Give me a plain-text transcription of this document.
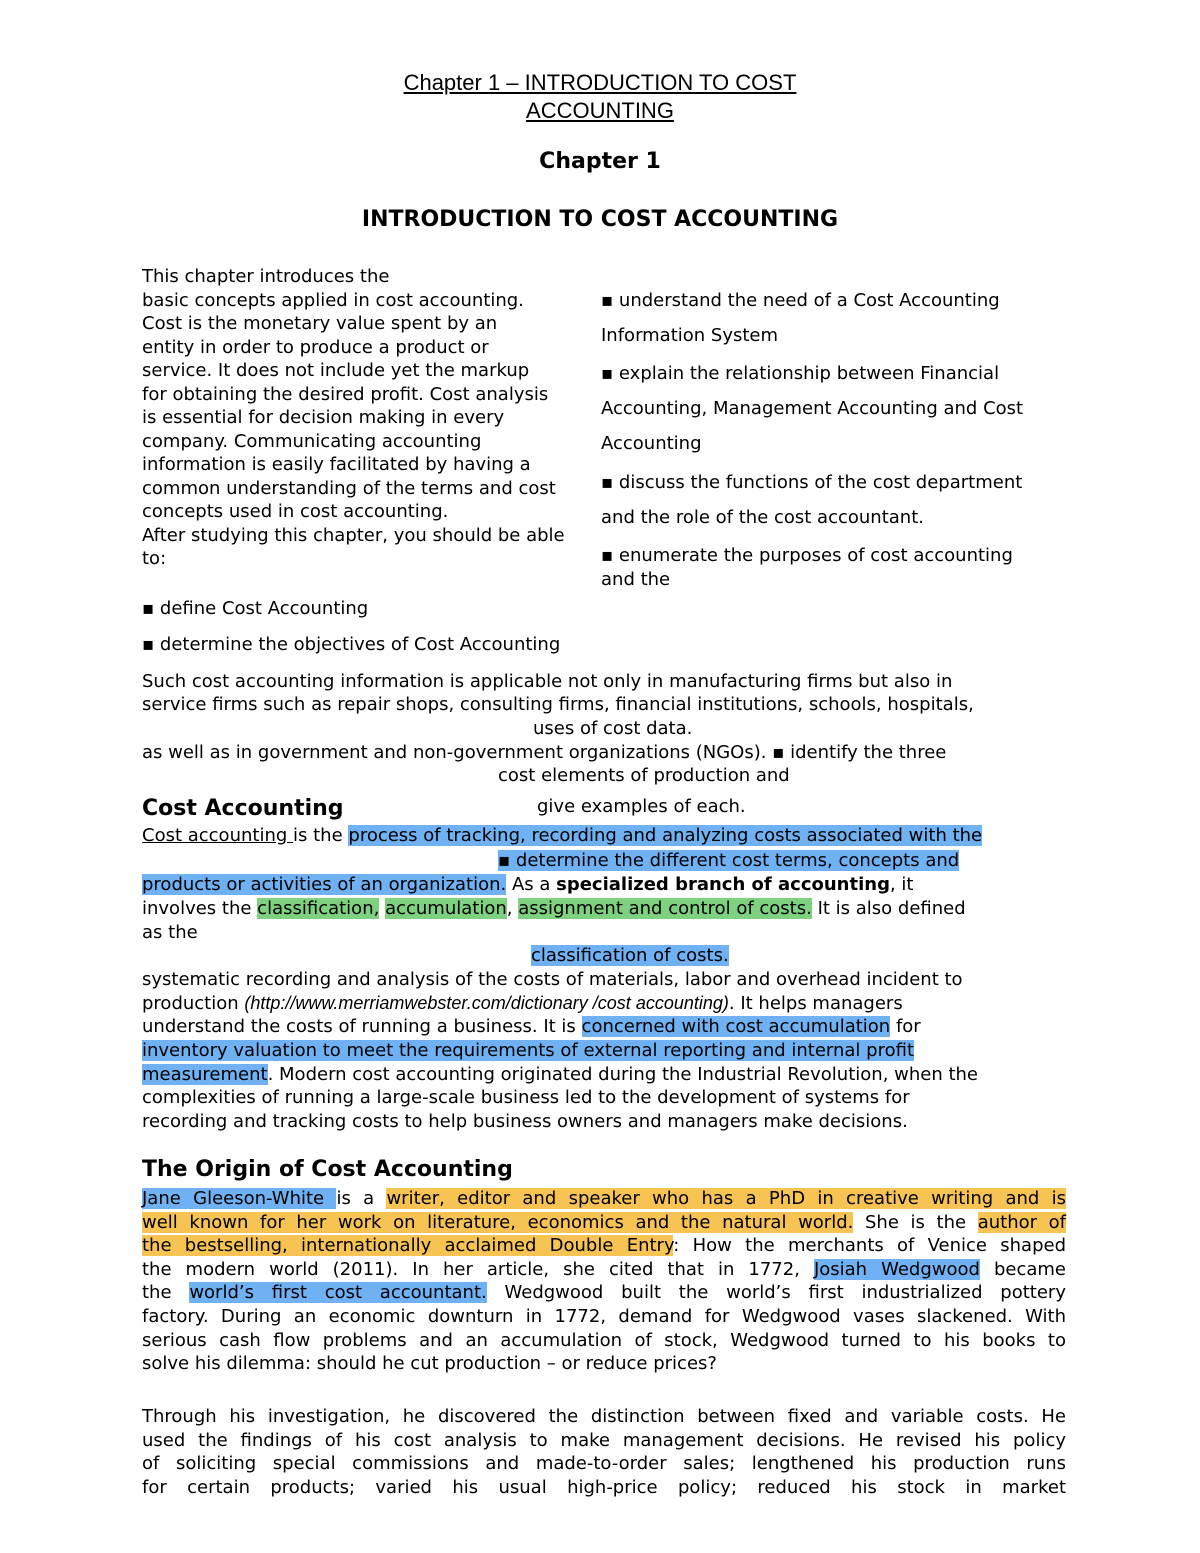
Chapter 1 – INTRODUCTION TO COST
ACCOUNTING
Chapter 1
INTRODUCTION TO COST ACCOUNTING
This chapter introduces the
basic concepts applied in cost accounting.
Cost is the monetary value spent by an
entity in order to produce a product or
service. It does not include yet the markup
for obtaining the desired profit. Cost analysis
is essential for decision making in every
company. Communicating accounting
information is easily facilitated by having a
common understanding of the terms and cost
concepts used in cost accounting.
After studying this chapter, you should be able
to:
▪ define Cost Accounting
▪ determine the objectives of Cost Accounting
▪ understand the need of a Cost Accounting
Information System
▪ explain the relationship between Financial
Accounting, Management Accounting and Cost
Accounting
▪ discuss the functions of the cost department
and the role of the cost accountant.
▪ enumerate the purposes of cost accounting
and the
Such cost accounting information is applicable not only in manufacturing firms but also in
service firms such as repair shops, consulting firms, financial institutions, schools, hospitals,
uses of cost data.
as well as in government and non-government organizations (NGOs). ▪ identify the three
cost elements of production and
give examples of each.
Cost Accounting
Cost accounting is the process of tracking, recording and analyzing costs associated with the
▪ determine the different cost terms, concepts and
products or activities of an organization. As a specialized branch of accounting, it
involves the classification, accumulation, assignment and control of costs. It is also defined
as the
classification of costs.
systematic recording and analysis of the costs of materials, labor and overhead incident to
production (http://www.merriamwebster.com/dictionary /cost accounting). It helps managers
understand the costs of running a business. It is concerned with cost accumulation for
inventory valuation to meet the requirements of external reporting and internal profit
measurement. Modern cost accounting originated during the Industrial Revolution, when the
complexities of running a large-scale business led to the development of systems for
recording and tracking costs to help business owners and managers make decisions.
The Origin of Cost Accounting
Jane Gleeson-White is a writer, editor and speaker who has a PhD in creative writing and is
well known for her work on literature, economics and the natural world. She is the author of
the bestselling, internationally acclaimed Double Entry: How the merchants of Venice shaped
the modern world (2011). In her article, she cited that in 1772, Josiah Wedgwood became
the world’s first cost accountant. Wedgwood built the world’s first industrialized pottery
factory. During an economic downturn in 1772, demand for Wedgwood vases slackened. With
serious cash flow problems and an accumulation of stock, Wedgwood turned to his books to
solve his dilemma: should he cut production – or reduce prices?
Through his investigation, he discovered the distinction between fixed and variable costs. He
used the findings of his cost analysis to make management decisions. He revised his policy
of soliciting special commissions and made-to-order sales; lengthened his production runs
for certain products; varied his usual high-price policy; reduced his stock in market
